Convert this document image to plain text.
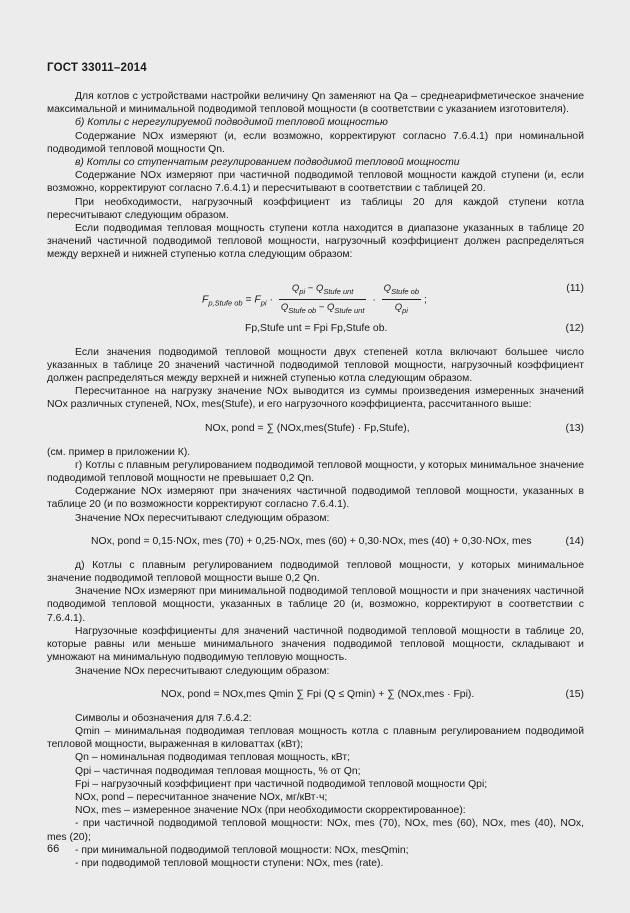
ГОСТ 33011–2014

Для котлов с устройствами настройки величину Qn заменяют на Qa – среднеарифметическое значение максимальной и минимальной подводимой тепловой мощности (в соответствии с указанием изготовителя).

б) Котлы с нерегулируемой подводимой тепловой мощностью

Содержание NOx измеряют (и, если возможно, корректируют согласно 7.6.4.1) при номинальной подводимой тепловой мощности Qn.

в) Котлы со ступенчатым регулированием подводимой тепловой мощности

Содержание NOx измеряют при частичной подводимой тепловой мощности каждой ступени (и, если возможно, корректируют согласно 7.6.4.1) и пересчитывают в соответствии с таблицей 20.

При необходимости, нагрузочный коэффициент из таблицы 20 для каждой ступени котла пересчитывают следующим образом.

Если подводимая тепловая мощность ступени котла находится в диапазоне указанных в таблице 20 значений частичной подводимой тепловой мощности, нагрузочный коэффициент должен распределяться между верхней и нижней ступенью котла следующим образом:

$F_{p,Stufe ob} = F_{pi} \cdot \frac{Q_{pi} - Q_{Stufe unt}}{Q_{Stufe ob} - Q_{Stufe unt}} \cdot \frac{Q_{Stufe ob}}{Q_{pi}}$ ;
(11)
Fp,Stufe unt = Fpi Fp,Stufe ob.	(12)

Если значения подводимой тепловой мощности двух степеней котла включают большее число указанных в таблице 20 значений частичной подводимой тепловой мощности, нагрузочный коэффициент должен распределяться между верхней и нижней ступенью котла следующим образом.

Пересчитанное на нагрузку значение NOx выводится из суммы произведения измеренных значений NOx различных ступеней, NOx, mes(Stufe), и его нагрузочного коэффициента, рассчитанного выше:

NOx, pond = ∑ (NOx,mes(Stufe) · Fp,Stufe),	(13)

(см. пример в приложении К).

г) Котлы с плавным регулированием подводимой тепловой мощности, у которых минимальное значение подводимой тепловой мощности не превышает 0,2 Qn.

Содержание NOx измеряют при значениях частичной подводимой тепловой мощности, указанных в таблице 20 (и по возможности корректируют согласно 7.6.4.1).

Значение NOx пересчитывают следующим образом:

NOx, pond = 0,15·NOx, mes (70) + 0,25·NOx, mes (60) + 0,30·NOx, mes (40) + 0,30·NOx, mes	(14)

д) Котлы с плавным регулированием подводимой тепловой мощности, у которых минимальное значение подводимой тепловой мощности выше 0,2 Qn.

Значение NOx измеряют при минимальной подводимой тепловой мощности и при значениях частичной подводимой тепловой мощности, указанных в таблице 20 (и, возможно, корректируют в соответствии с 7.6.4.1).

Нагрузочные коэффициенты для значений частичной подводимой тепловой мощности в таблице 20, которые равны или меньше минимального значения подводимой тепловой мощности, складывают и умножают на минимальную подводимую тепловую мощность.

Значение NOx пересчитывают следующим образом:

NOx, pond = NOx,mes Qmin ∑ Fpi (Q ≤ Qmin) + ∑ (NOx,mes · Fpi).	(15)

Символы и обозначения для 7.6.4.2:

Qmin – минимальная подводимая тепловая мощность котла с плавным регулированием подводимой тепловой мощности, выраженная в киловаттах (кВт);

Qn – номинальная подводимая тепловая мощность, кВт;

Qpi – частичная подводимая тепловая мощность, % от Qn;

Fpi – нагрузочный коэффициент при частичной подводимой тепловой мощности Qpi;

NOx, pond – пересчитанное значение NOx, мг/кВт·ч;

NOx, mes – измеренное значение NOx (при необходимости скорректированное):

- при частичной подводимой тепловой мощности: NOx, mes (70), NOx, mes (60), NOx, mes (40), NOx, mes (20);

- при минимальной подводимой тепловой мощности: NOx, mesQmin;

- при подводимой тепловой мощности ступени: NOx, mes (rate).

66
